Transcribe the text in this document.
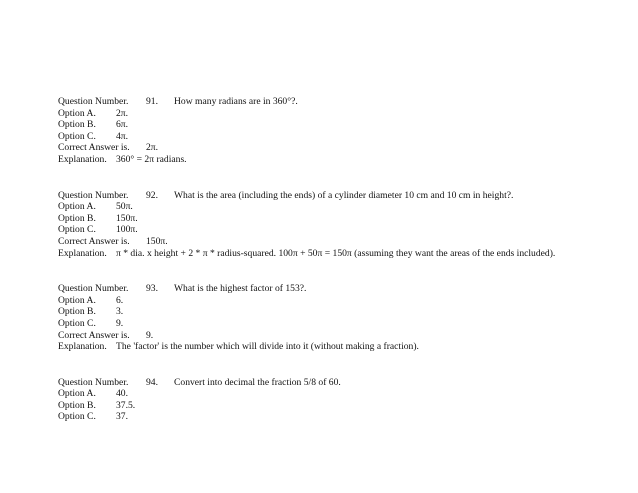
Question Number. 91. How many radians are in 360°?.
Option A. 2π.
Option B. 6π.
Option C. 4π.
Correct Answer is. 2π.
Explanation. 360° = 2π radians.
Question Number. 92. What is the area (including the ends) of a cylinder diameter 10 cm and 10 cm in height?.
Option A. 50π.
Option B. 150π.
Option C. 100π.
Correct Answer is. 150π.
Explanation. π * dia. x height + 2 * π * radius-squared. 100π + 50π = 150π (assuming they want the areas of the ends included).
Question Number. 93. What is the highest factor of 153?.
Option A. 6.
Option B. 3.
Option C. 9.
Correct Answer is. 9.
Explanation. The 'factor' is the number which will divide into it (without making a fraction).
Question Number. 94. Convert into decimal the fraction 5/8 of 60.
Option A. 40.
Option B. 37.5.
Option C. 37.
